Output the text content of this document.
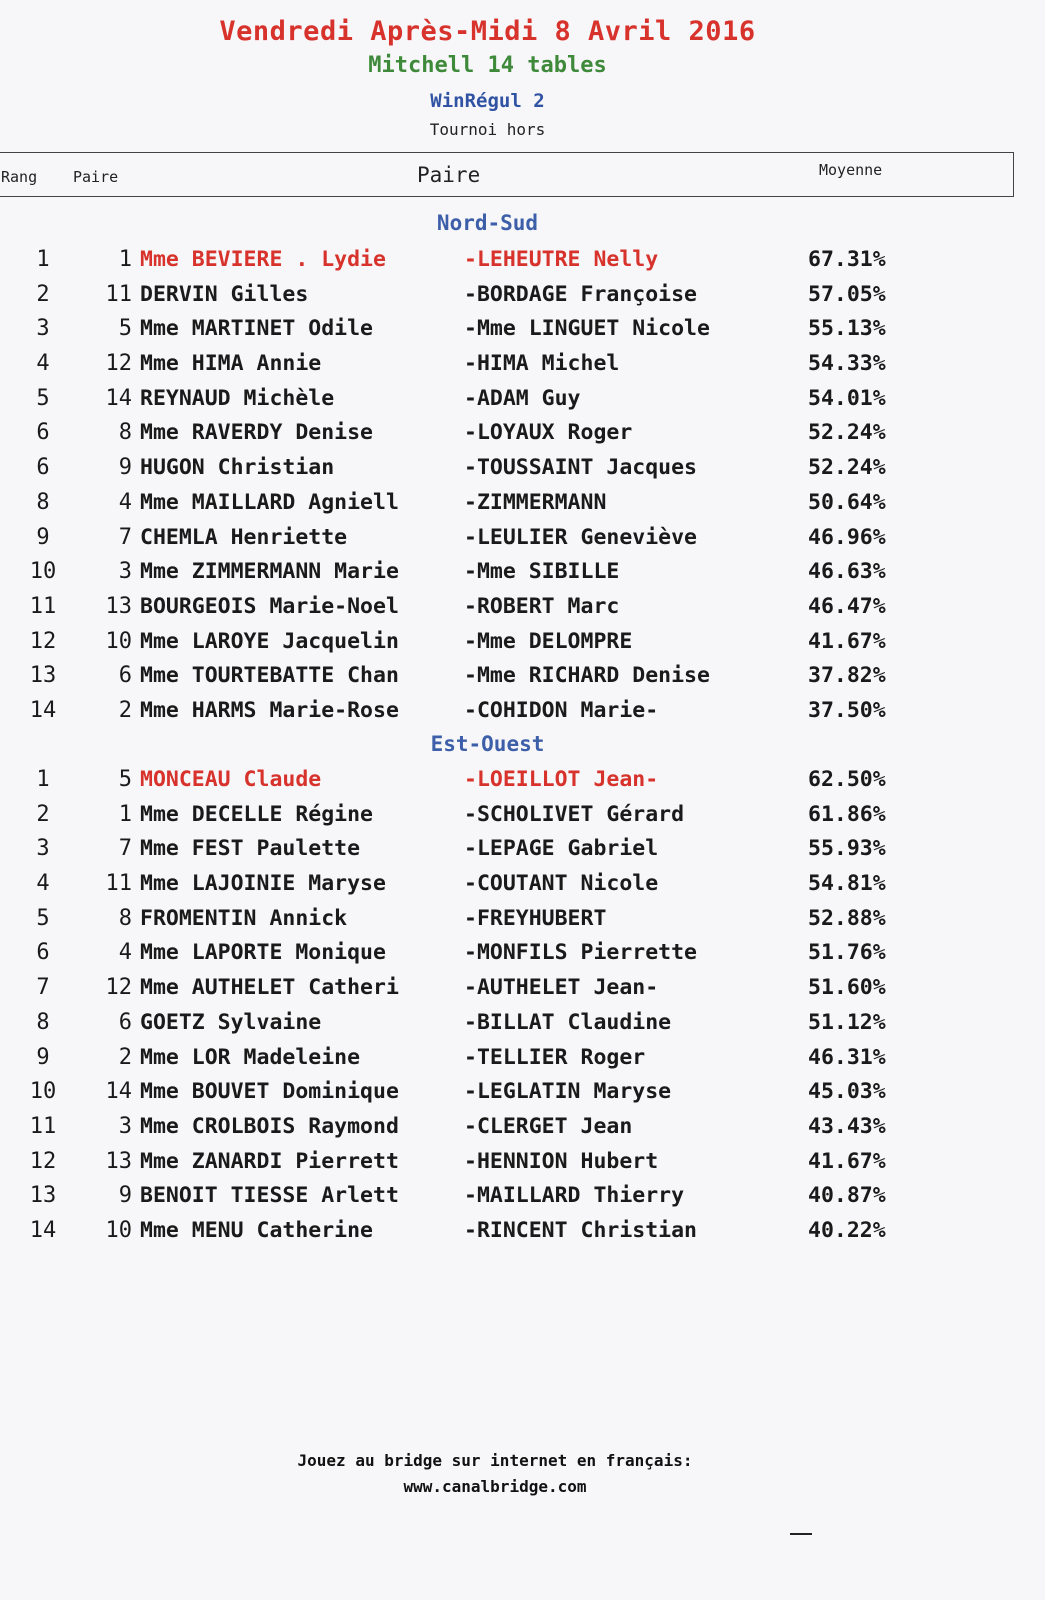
Vendredi Après-Midi 8 Avril 2016
Mitchell 14 tables
WinRégul 2
Tournoi hors
Rang Paire	Paire	Moyenne
Nord-Sud
1	1 Mme BEVIERE . Lydie	-LEHEUTRE Nelly	67.31%
2	11 DERVIN Gilles	-BORDAGE Françoise	57.05%
3	5 Mme MARTINET Odile	-Mme LINGUET Nicole	55.13%
4	12 Mme HIMA Annie	-HIMA Michel	54.33%
5	14 REYNAUD Michèle	-ADAM Guy	54.01%
6	8 Mme RAVERDY Denise	-LOYAUX Roger	52.24%
6	9 HUGON Christian	-TOUSSAINT Jacques	52.24%
8	4 Mme MAILLARD Agniell	-ZIMMERMANN	50.64%
9	7 CHEMLA Henriette	-LEULIER Geneviève	46.96%
10	3 Mme ZIMMERMANN Marie	-Mme SIBILLE	46.63%
11	13 BOURGEOIS Marie-Noel	-ROBERT Marc	46.47%
12	10 Mme LAROYE Jacquelin	-Mme DELOMPRE	41.67%
13	6 Mme TOURTEBATTE Chan	-Mme RICHARD Denise	37.82%
14	2 Mme HARMS Marie-Rose	-COHIDON Marie-	37.50%
Est-Ouest
1	5 MONCEAU Claude	-LOEILLOT Jean-	62.50%
2	1 Mme DECELLE Régine	-SCHOLIVET Gérard	61.86%
3	7 Mme FEST Paulette	-LEPAGE Gabriel	55.93%
4	11 Mme LAJOINIE Maryse	-COUTANT Nicole	54.81%
5	8 FROMENTIN Annick	-FREYHUBERT	52.88%
6	4 Mme LAPORTE Monique	-MONFILS Pierrette	51.76%
7	12 Mme AUTHELET Catheri	-AUTHELET Jean-	51.60%
8	6 GOETZ Sylvaine	-BILLAT Claudine	51.12%
9	2 Mme LOR Madeleine	-TELLIER Roger	46.31%
10	14 Mme BOUVET Dominique	-LEGLATIN Maryse	45.03%
11	3 Mme CROLBOIS Raymond	-CLERGET Jean	43.43%
12	13 Mme ZANARDI Pierrett	-HENNION Hubert	41.67%
13	9 BENOIT TIESSE Arlett	-MAILLARD Thierry	40.87%
14	10 Mme MENU Catherine	-RINCENT Christian	40.22%
Jouez au bridge sur internet en français:
www.canalbridge.com
